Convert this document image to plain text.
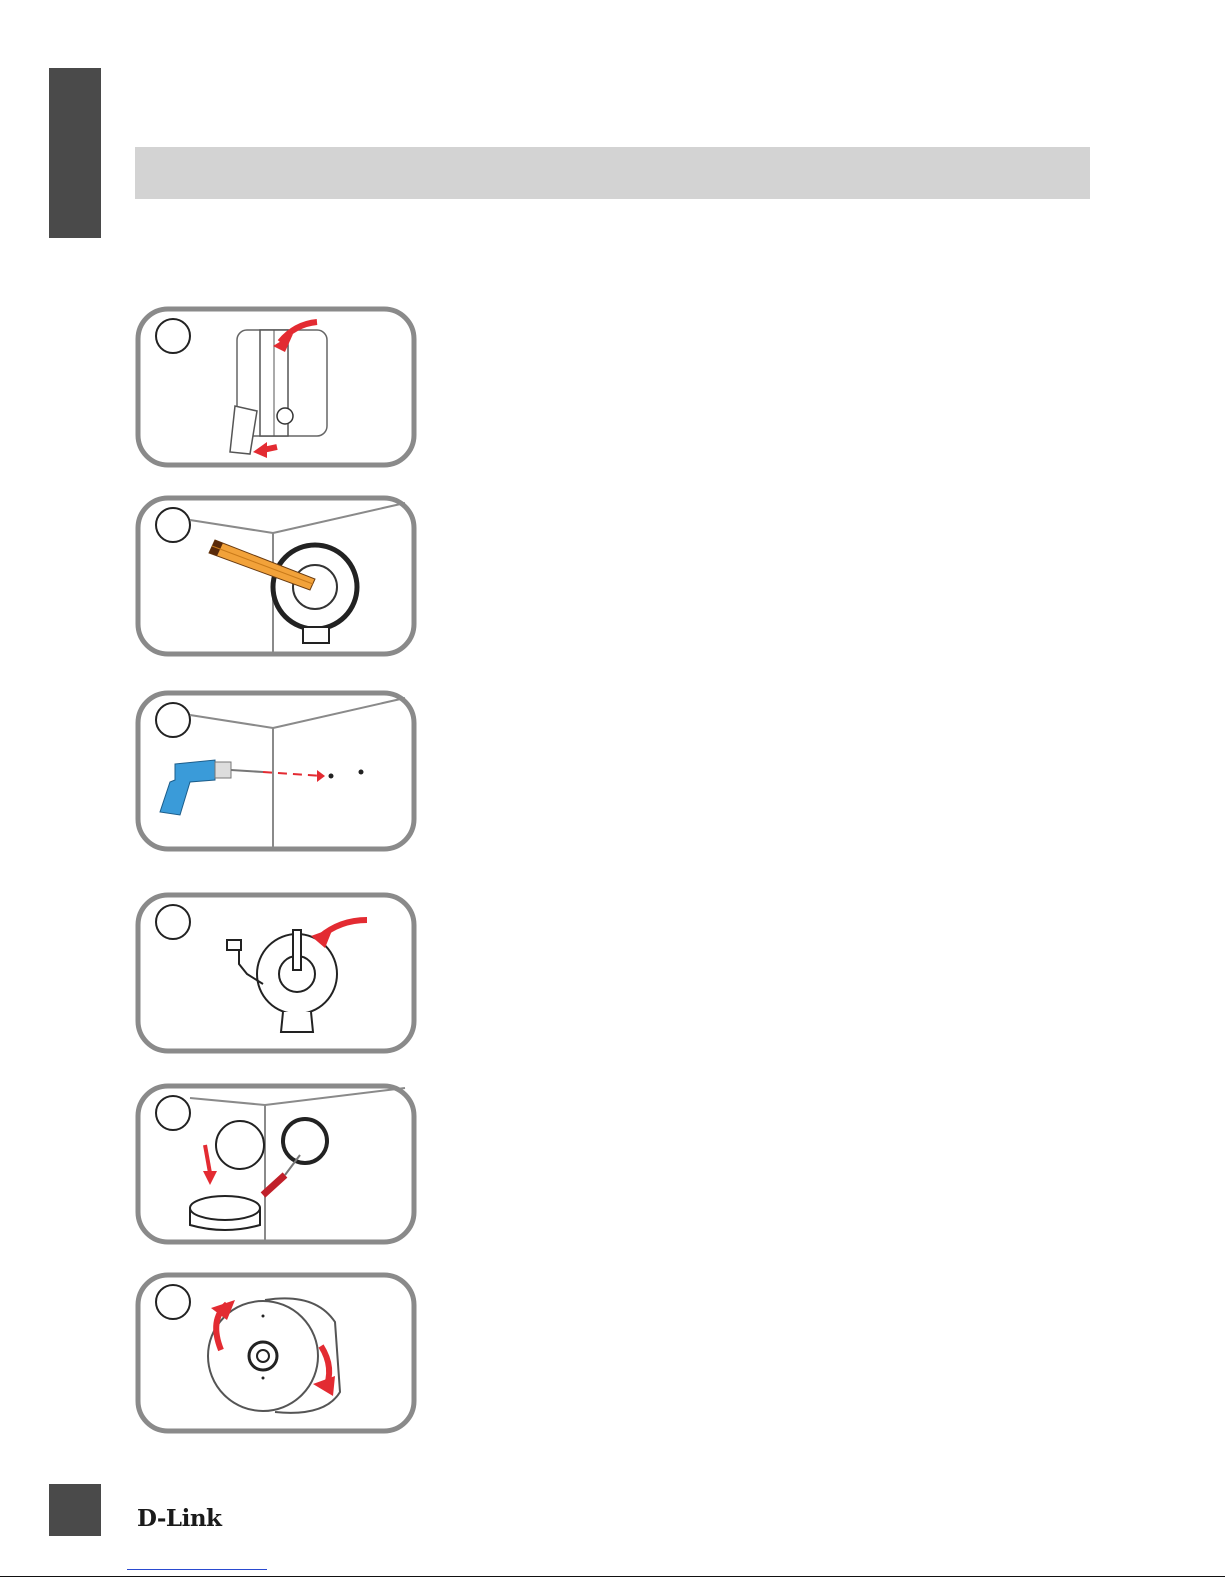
D-Link
